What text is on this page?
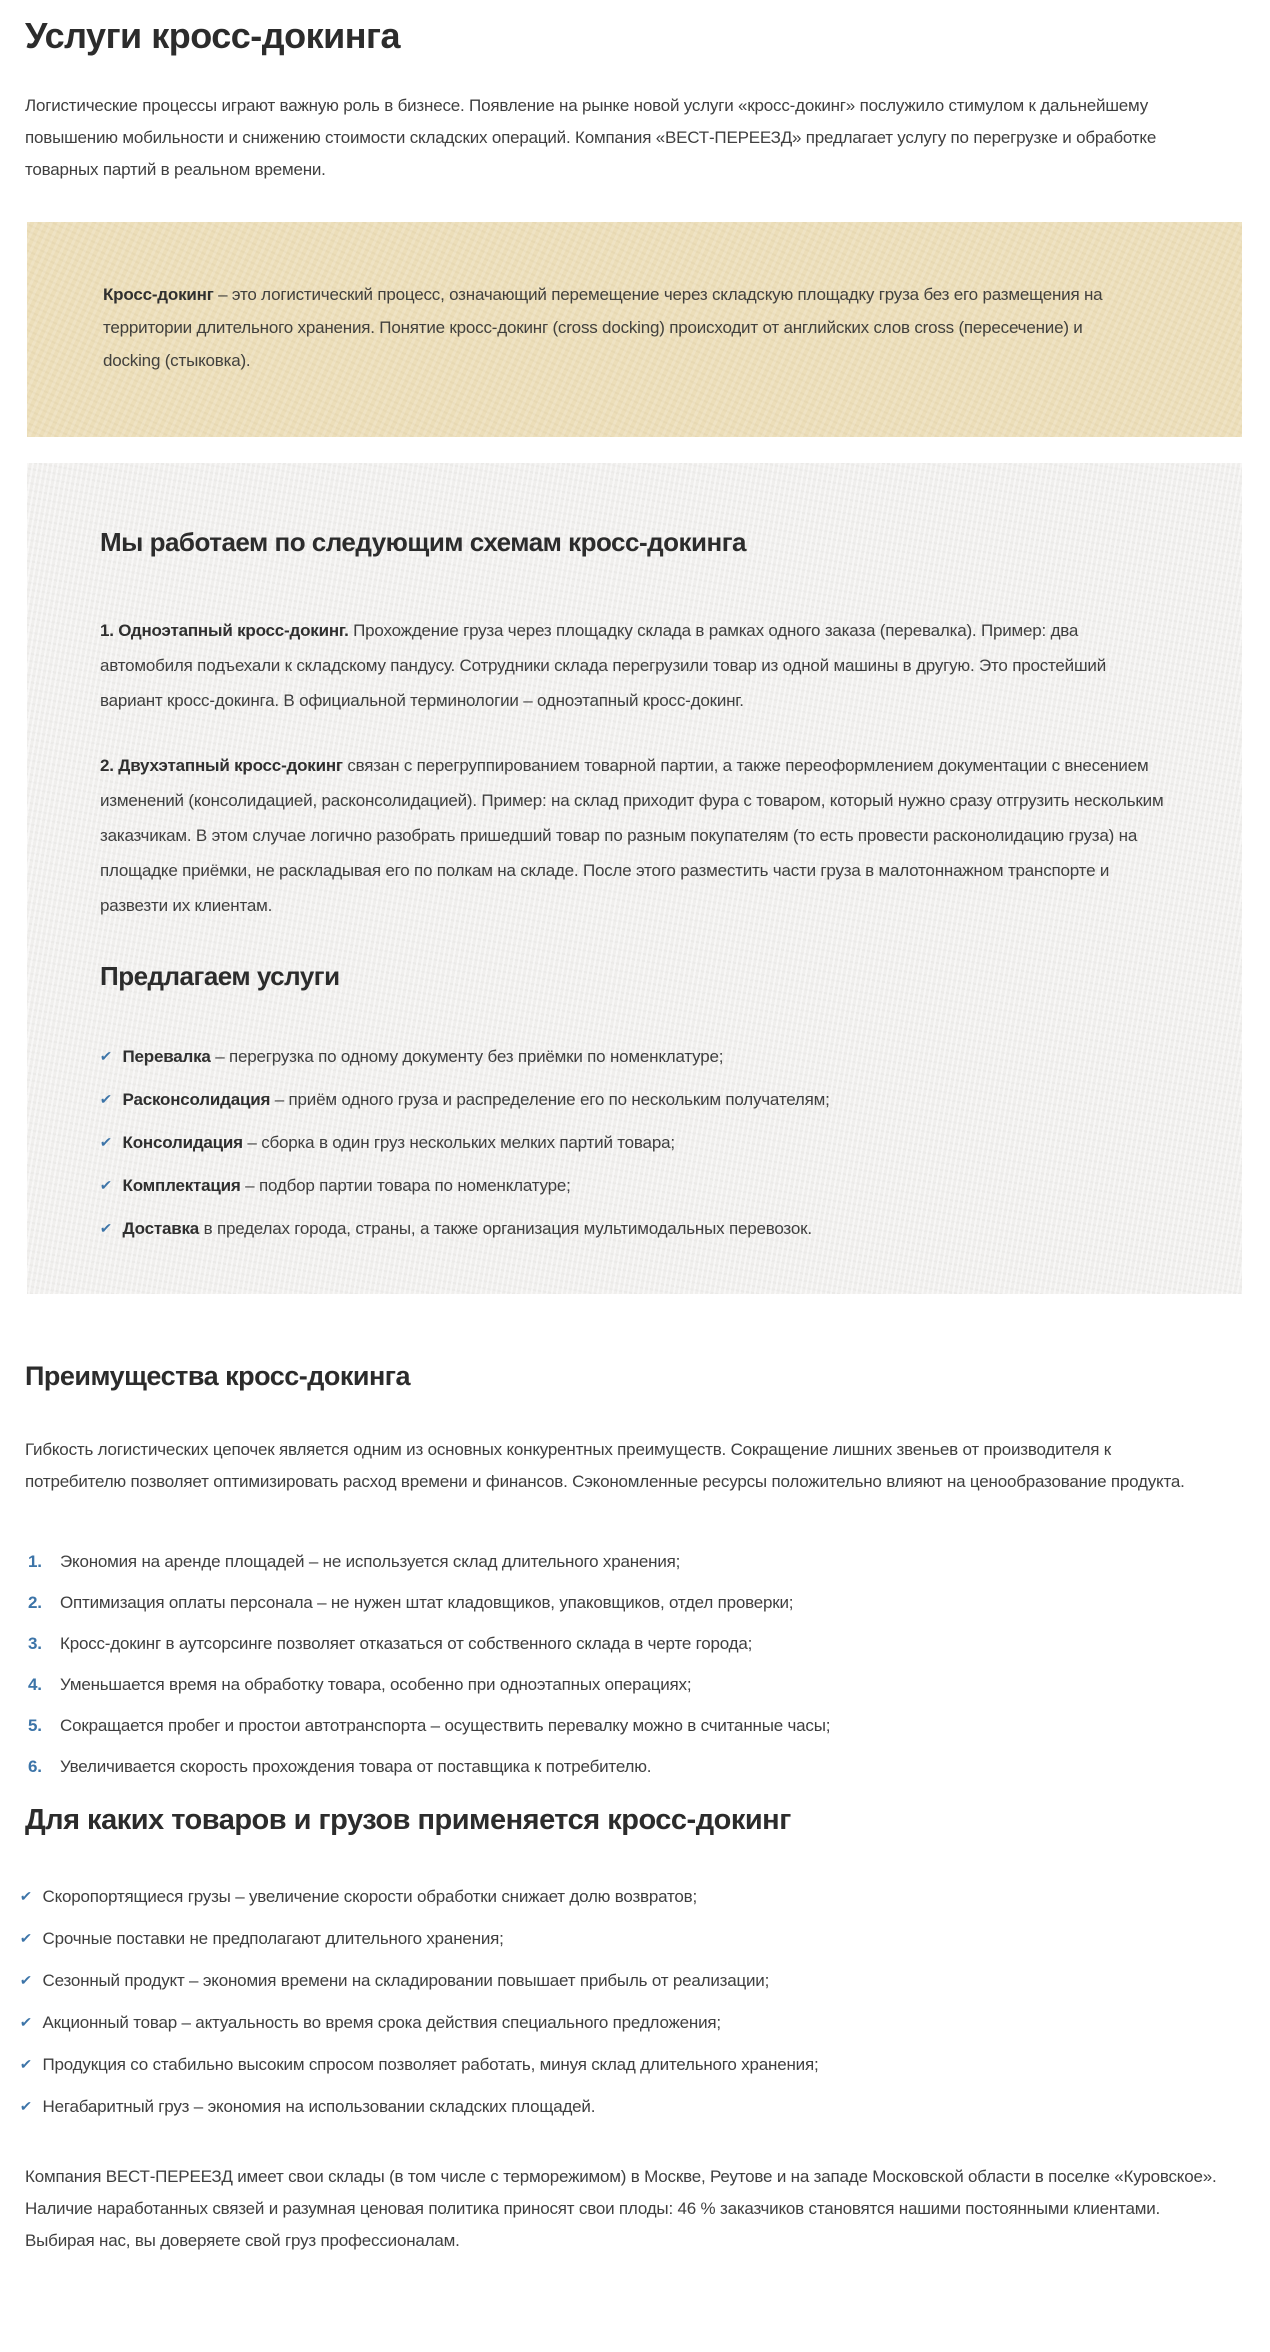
Услуги кросс-докинга

Логистические процессы играют важную роль в бизнесе. Появление на рынке новой услуги «кросс-докинг» послужило стимулом к дальнейшему повышению мобильности и снижению стоимости складских операций. Компания «ВЕСТ-ПЕРЕЕЗД» предлагает услугу по перегрузке и обработке товарных партий в реальном времени.

Кросс-докинг – это логистический процесс, означающий перемещение через складскую площадку груза без его размещения на территории длительного хранения. Понятие кросс-докинг (cross docking) происходит от английских слов cross (пересечение) и docking (стыковка).

Мы работаем по следующим схемам кросс-докинга

1. Одноэтапный кросс-докинг. Прохождение груза через площадку склада в рамках одного заказа (перевалка). Пример: два автомобиля подъехали к складскому пандусу. Сотрудники склада перегрузили товар из одной машины в другую. Это простейший вариант кросс-докинга. В официальной терминологии – одноэтапный кросс-докинг.

2. Двухэтапный кросс-докинг связан с перегруппированием товарной партии, а также переоформлением документации с внесением изменений (консолидацией, расконсолидацией). Пример: на склад приходит фура с товаром, который нужно сразу отгрузить нескольким заказчикам. В этом случае логично разобрать пришедший товар по разным покупателям (то есть провести расконолидацию груза) на площадке приёмки, не раскладывая его по полкам на складе. После этого разместить части груза в малотоннажном транспорте и развезти их клиентам.

Предлагаем услуги
✔ Перевалка – перегрузка по одному документу без приёмки по номенклатуре;
✔ Расконсолидация – приём одного груза и распределение его по нескольким получателям;
✔ Консолидация – сборка в один груз нескольких мелких партий товара;
✔ Комплектация – подбор партии товара по номенклатуре;
✔ Доставка в пределах города, страны, а также организация мультимодальных перевозок.
Преимущества кросс-докинга

Гибкость логистических цепочек является одним из основных конкурентных преимуществ. Сокращение лишних звеньев от производителя к потребителю позволяет оптимизировать расход времени и финансов. Сэкономленные ресурсы положительно влияют на ценообразование продукта.

1. Экономия на аренде площадей – не используется склад длительного хранения;
2. Оптимизация оплаты персонала – не нужен штат кладовщиков, упаковщиков, отдел проверки;
3. Кросс-докинг в аутсорсинге позволяет отказаться от собственного склада в черте города;
4. Уменьшается время на обработку товара, особенно при одноэтапных операциях;
5. Сокращается пробег и простои автотранспорта – осуществить перевалку можно в считанные часы;
6. Увеличивается скорость прохождения товара от поставщика к потребителю.
Для каких товаров и грузов применяется кросс-докинг
✔ Скоропортящиеся грузы – увеличение скорости обработки снижает долю возвратов;
✔ Срочные поставки не предполагают длительного хранения;
✔ Сезонный продукт – экономия времени на складировании повышает прибыль от реализации;
✔ Акционный товар – актуальность во время срока действия специального предложения;
✔ Продукция со стабильно высоким спросом позволяет работать, минуя склад длительного хранения;
✔ Негабаритный груз – экономия на использовании складских площадей.

Компания ВЕСТ-ПЕРЕЕЗД имеет свои склады (в том числе с терморежимом) в Москве, Реутове и на западе Московской области в поселке «Куровское». Наличие наработанных связей и разумная ценовая политика приносят свои плоды: 46 % заказчиков становятся нашими постоянными клиентами. Выбирая нас, вы доверяете свой груз профессионалам.
